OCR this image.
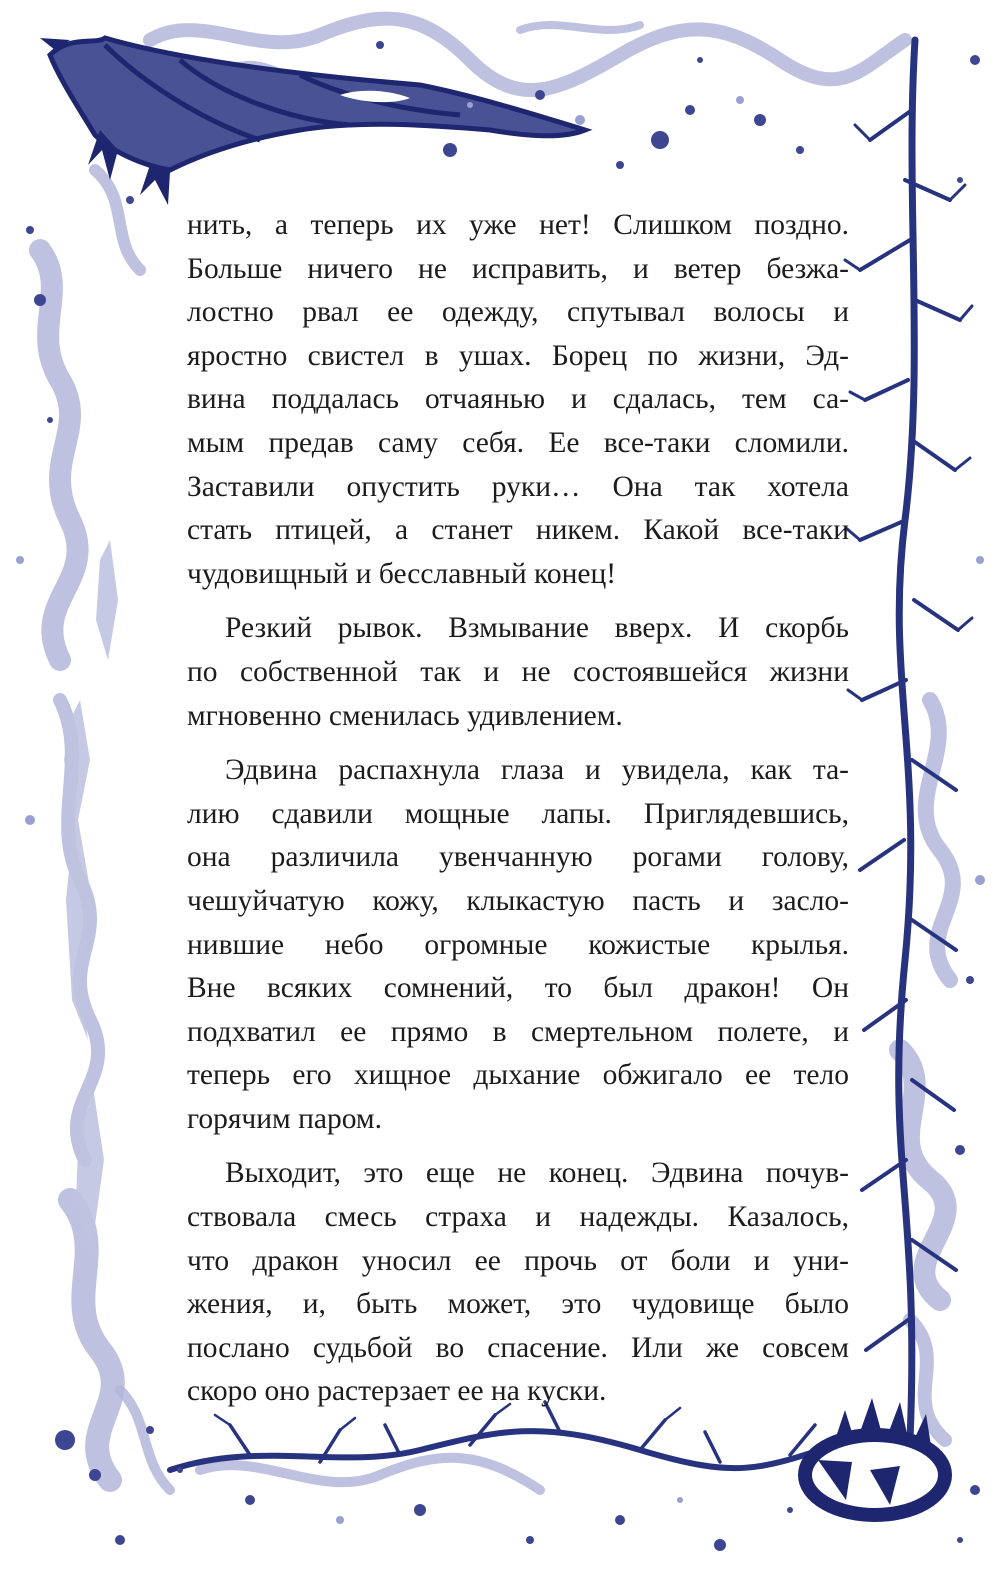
нить, а теперь их уже нет! Слишком поздно.
Больше ничего не исправить, и ветер безжа-
лостно рвал ее одежду, спутывал волосы и
яростно свистел в ушах. Борец по жизни, Эд-
вина поддалась отчаянью и сдалась, тем са-
мым предав саму себя. Ее все-таки сломили.
Заставили опустить руки… Она так хотела
стать птицей, а станет никем. Какой все-таки
чудовищный и бесславный конец!
Резкий рывок. Взмывание вверх. И скорбь
по собственной так и не состоявшейся жизни
мгновенно сменилась удивлением.
Эдвина распахнула глаза и увидела, как та-
лию сдавили мощные лапы. Приглядевшись,
она различила увенчанную рогами голову,
чешуйчатую кожу, клыкастую пасть и засло-
нившие небо огромные кожистые крылья.
Вне всяких сомнений, то был дракон! Он
подхватил ее прямо в смертельном полете, и
теперь его хищное дыхание обжигало ее тело
горячим паром.
Выходит, это еще не конец. Эдвина почув-
ствовала смесь страха и надежды. Казалось,
что дракон уносил ее прочь от боли и уни-
жения, и, быть может, это чудовище было
послано судьбой во спасение. Или же совсем
скоро оно растерзает ее на куски.
